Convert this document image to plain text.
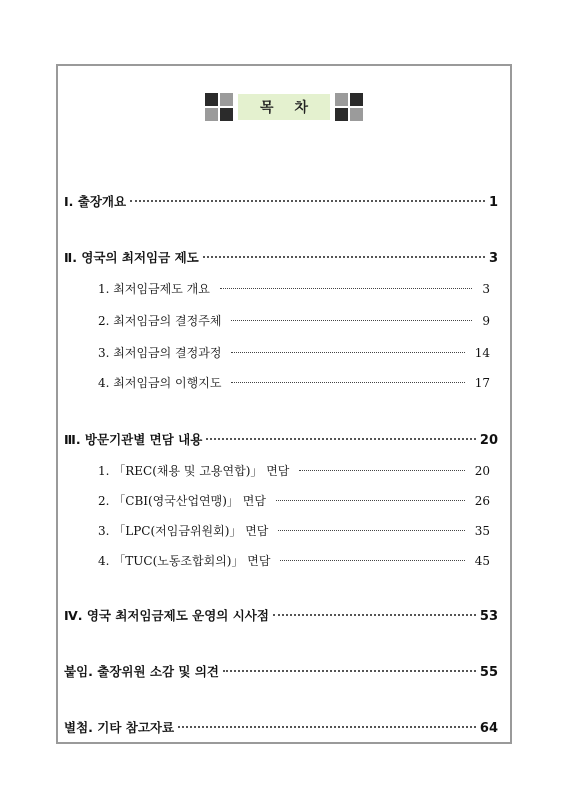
목 차
Ⅰ. 출장개요	1
Ⅱ. 영국의 최저임금 제도	3
1. 최저임금제도 개요	3
2. 최저임금의 결정주체	9
3. 최저임금의 결정과정	14
4. 최저임금의 이행지도	17
Ⅲ. 방문기관별 면담 내용	20
1. 「REC(채용 및 고용연합)」 면담	20
2. 「CBI(영국산업연맹)」 면담	26
3. 「LPC(저임금위원회)」 면담	35
4. 「TUC(노동조합회의)」 면담	45
Ⅳ. 영국 최저임금제도 운영의 시사점	53
붙임. 출장위원 소감 및 의견	55
별첨. 기타 참고자료	64
